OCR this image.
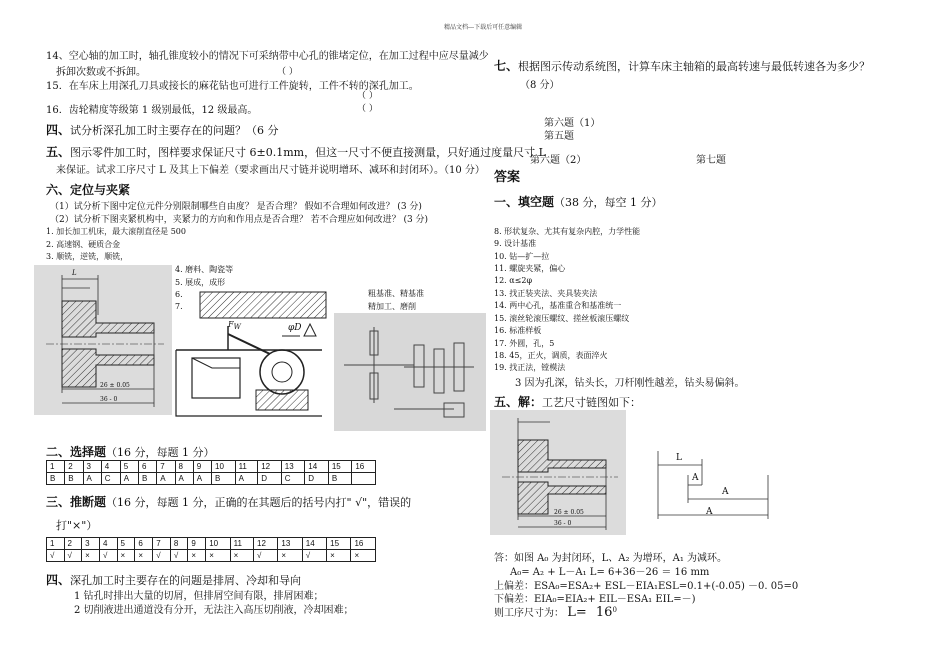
精品文档---下载后可任意编辑
14、空心轴的加工时，轴孔锥度较小的情况下可采纳带中心孔的锥堵定位，在加工过程中应尽量减少
拆卸次数或不拆卸。	（ ）
15．在车床上用深孔刀具或接长的麻花钻也可进行工件旋转，工件不转的深孔加工。
（ ）
16．齿轮精度等级第 1 级别最低，12 级最高。	（ ）
四、试分析深孔加工时主要存在的问题？（6 分
五、图示零件加工时，图样要求保证尺寸 6±0.1mm，但这一尺寸不便直接测量，只好通过度量尺寸 L
来保证。试求工序尺寸 L 及其上下偏差（要求画出尺寸链并说明增环、减环和封闭环）。（10 分）
六、定位与夹紧
（1）试分析下图中定位元件分别限制哪些自由度？ 是否合理？ 假如不合理如何改进？ (3 分)
（2）试分析下图夹紧机构中，夹紧力的方向和作用点是否合理？ 若不合理应如何改进？ (3 分)
1. 加长加工机床，最大滚削直径是 500
2. 高速钢、硬质合金
3. 顺铣，逆铣，顺铣，
4. 磨料、陶瓷等
5. 展成，成形
6.
7.
粗基准、精基准
精加工、磨削
L
26 ± 0.05
36 - 0
FW	φD
二、选择题（16 分，每题 1 分）
1	2	3	4	5	6	7	8	9	10	11	12	13	14	15	16
B	B	A	C	A	B	A	A	A	B	A	D	C	D	B	
三、推断题（16 分，每题 1 分，正确的在其题后的括号内打" √"，错误的
打"×"）
1	2	3	4	5	6	7	8	9	10	11	12	13	14	15	16
√	√	×	√	×	×	√	√	×	×	×	√	×	√	×	×
四、深孔加工时主要存在的问题是排屑、冷却和导向
1 钻孔时排出大量的切屑，但排屑空间有限，排屑困难；
2 切削液进出通道没有分开，无法注入高压切削液，冷却困难；
七、根据图示传动系统图，计算车床主轴箱的最高转速与最低转速各为多少？
（8 分）
第六题（1）
第五题
第六题（2）	第七题
答案
一、填空题（38 分，每空 1 分）
8. 形状复杂、尤其有复杂内腔，力学性能
9. 设计基准
10. 钻—扩—拉
11. 螺旋夹紧，偏心
12. α≤2φ
13. 找正装夹法、夹具装夹法
14. 两中心孔，基准重合和基准统一
15. 滚丝轮滚压螺纹、搓丝板滚压螺纹
16. 标准样板
17. 外圆，孔，5
18. 45，正火，调质，表面淬火
19. 找正法，镗模法
3 因为孔深，钻头长，刀杆刚性越差，钻头易偏斜。
五、解：工艺尺寸链图如下：
26 ± 0.05
36 - 0
L
A
A
A
答：如图 A₀ 为封闭环，L、A₂ 为增环，A₁ 为减环。
A₀= A₂ + L－A₁ L= 6+36－26 ＝ 16 mm
上偏差：ESA₀=ESA₂+ ESL－EIA₁ESL=0.1+(-0.05) －0. 05=0
下偏差：EIA₀=EIA₂+ EIL－ESA₁ EIL=－)
则工序尺寸为： $L= 16^0$
